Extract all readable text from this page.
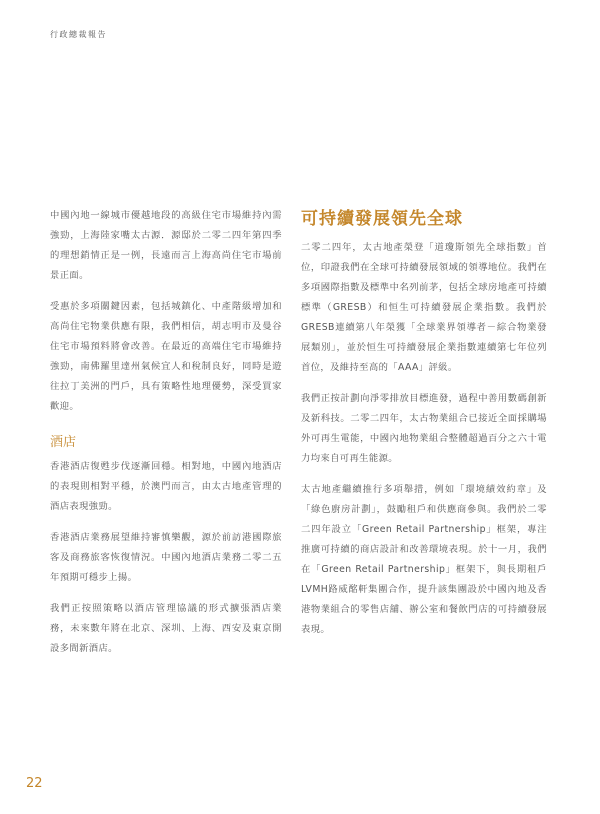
行政總裁報告

中國內地一線城市優越地段的高級住宅市場維持內需強勁，上海陸家嘴太古源．源邸於二零二四年第四季的理想銷情正是一例，長遠而言上海高尚住宅市場前景正面。

受惠於多項關鍵因素，包括城鎮化、中產階級增加和高尚住宅物業供應有限，我們相信，胡志明市及曼谷住宅市場預料將會改善。在最近的高端住宅市場維持強勁，南佛羅里達州氣候宜人和稅制良好，同時是遊往拉丁美洲的門戶，具有策略性地理優勢，深受買家歡迎。

酒店

香港酒店復甦步伐逐漸回穩。相對地，中國內地酒店的表現則相對平穩，於澳門而言，由太古地產管理的酒店表現強勁。

香港酒店業務展望維持審慎樂觀，源於前訪港國際旅客及商務旅客恢復情況。中國內地酒店業務二零二五年預期可穩步上揚。

我們正按照策略以酒店管理協議的形式擴張酒店業務，未來數年將在北京、深圳、上海、西安及東京開設多間新酒店。

可持續發展領先全球

二零二四年，太古地產榮登「道瓊斯領先全球指數」首位，印證我們在全球可持續發展領域的領導地位。我們在多項國際指數及標準中名列前茅，包括全球房地產可持續標準（GRESB）和恒生可持續發展企業指數。我們於GRESB連續第八年榮獲「全球業界領導者－綜合物業發展類別」，並於恒生可持續發展企業指數連續第七年位列首位，及維持至高的「AAA」評級。

我們正按計劃向淨零排放目標進發，過程中善用數碼創新及新科技。二零二四年，太古物業組合已接近全面採購場外可再生電能，中國內地物業組合整體超過百分之六十電力均來自可再生能源。

太古地產繼續推行多項舉措，例如「環境績效約章」及「綠色廚房計劃」，鼓勵租戶和供應商參與。我們於二零二四年設立「Green Retail Partnership」框架，專注推廣可持續的商店設計和改善環境表現。於十一月，我們在「Green Retail Partnership」框架下，與長期租戶LVMH路威酩軒集團合作，提升該集團設於中國內地及香港物業組合的零售店舖、辦公室和餐飲門店的可持續發展表現。

22
